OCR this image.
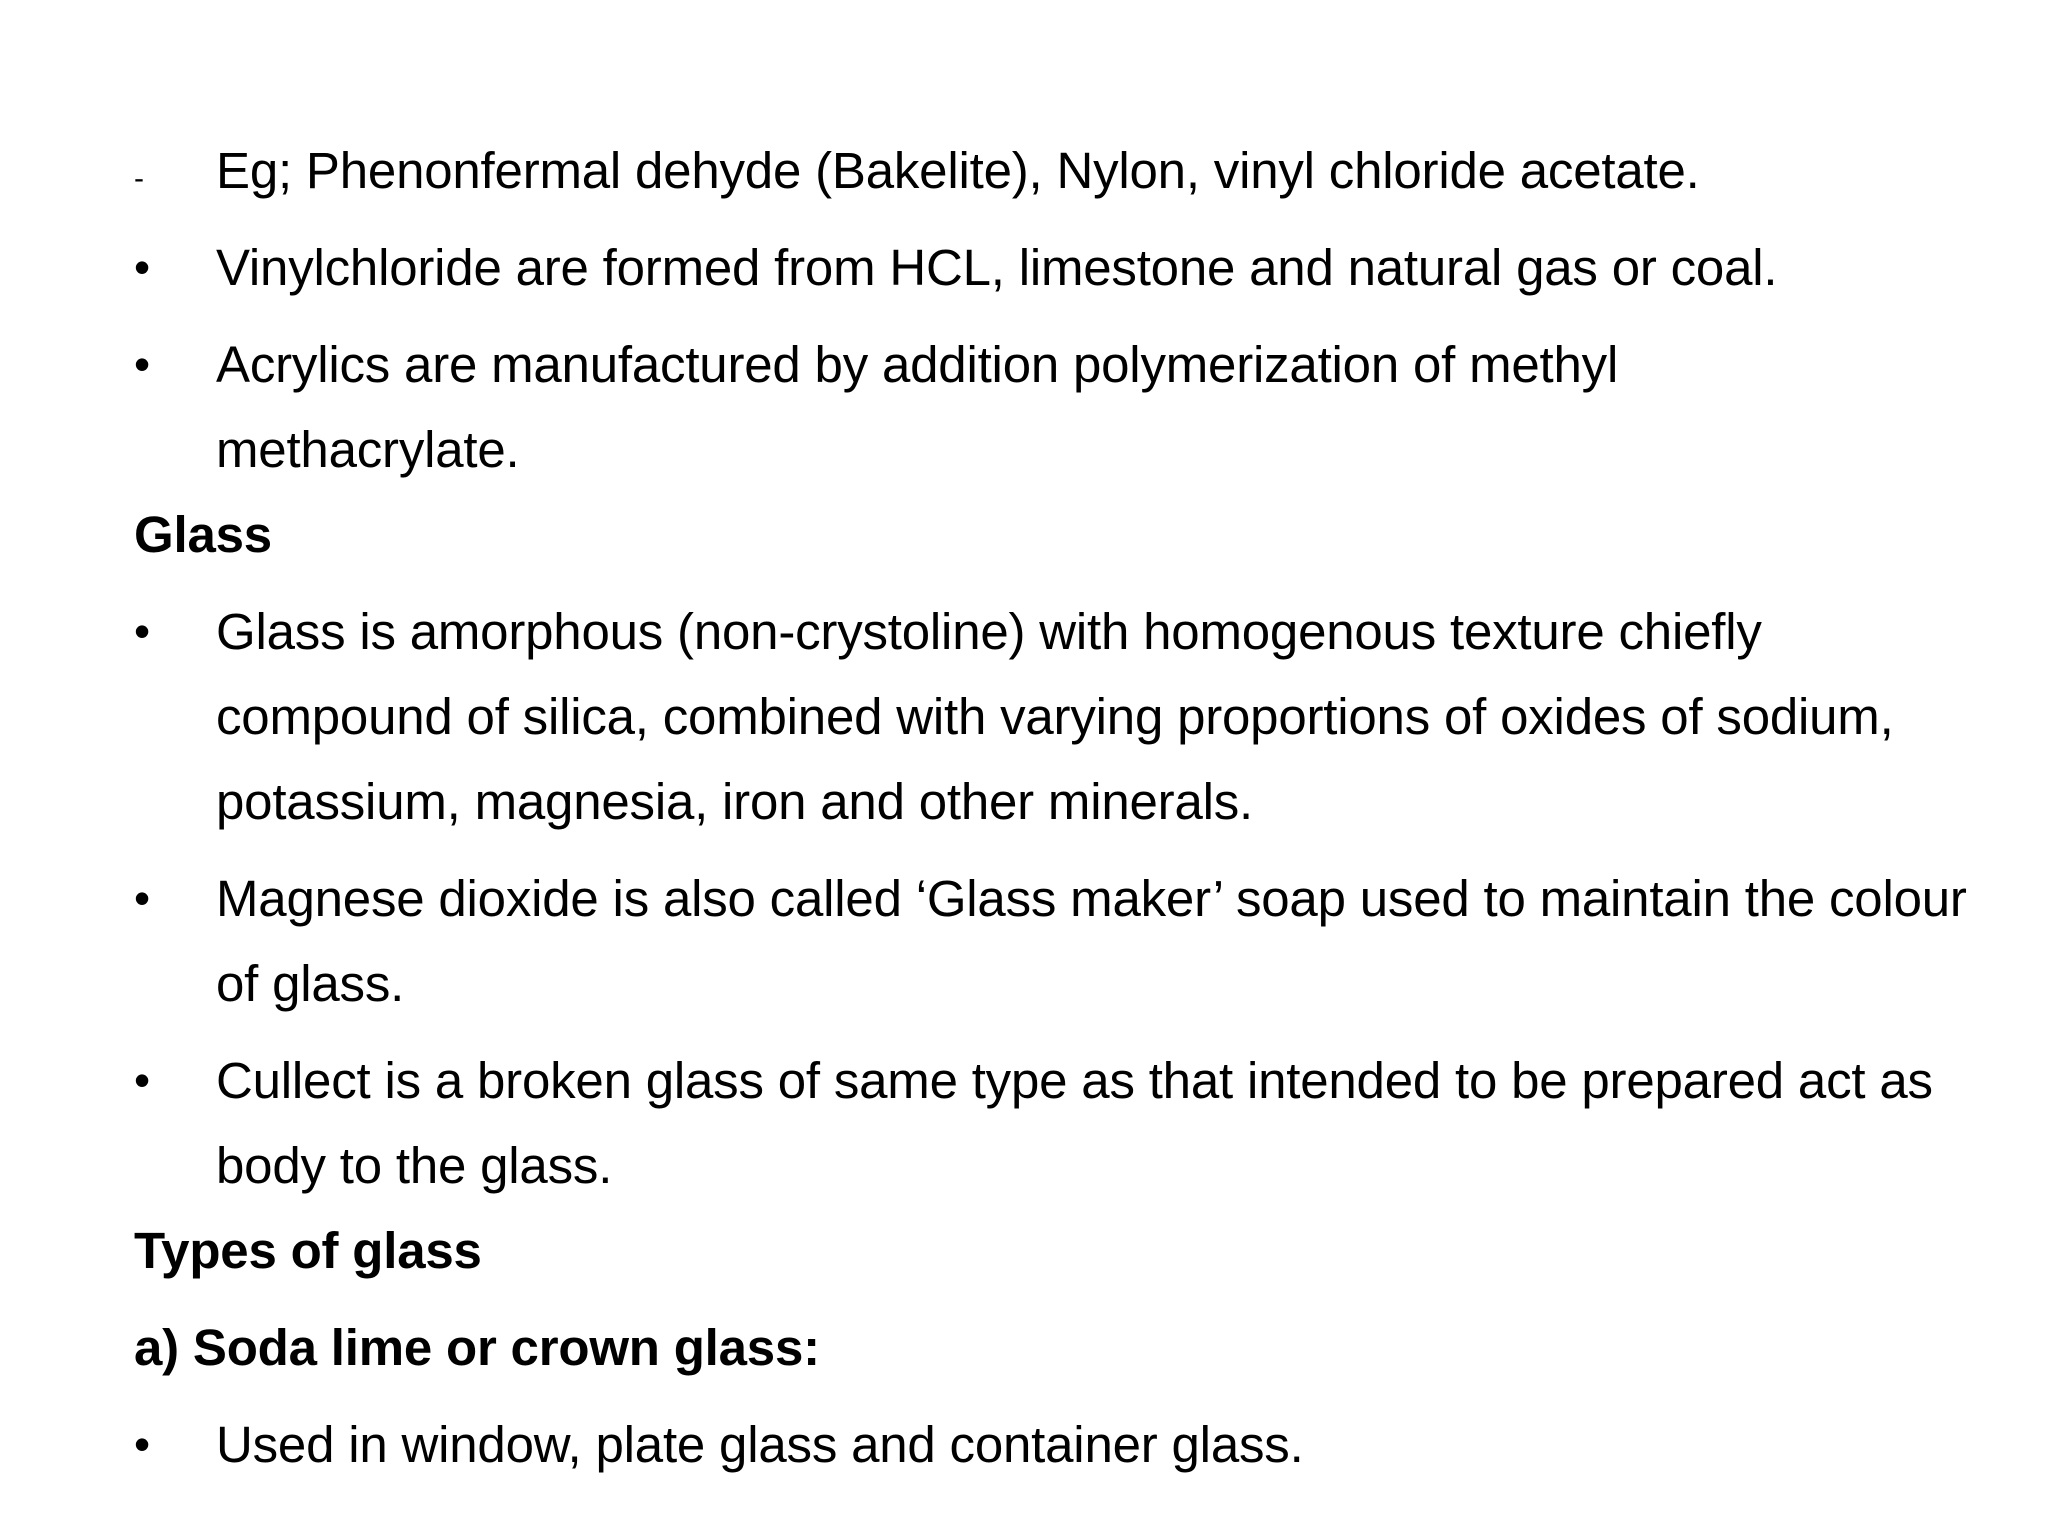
-	Eg; Phenonfermal dehyde (Bakelite), Nylon, vinyl chloride acetate.
•	Vinylchloride are formed from HCL, limestone and natural gas or coal.
•	Acrylics are manufactured by addition polymerization of methyl methacrylate.
Glass
•	Glass is amorphous (non-crystoline) with homogenous texture chiefly compound of silica, combined with varying proportions of oxides of sodium, potassium, magnesia, iron and other minerals.
•	Magnese dioxide is also called ‘Glass maker’ soap used to maintain the colour of glass.
•	Cullect is a broken glass of same type as that intended to be prepared act as body to the glass.
Types of glass
a) Soda lime or crown glass:
•	Used in window, plate glass and container glass.
